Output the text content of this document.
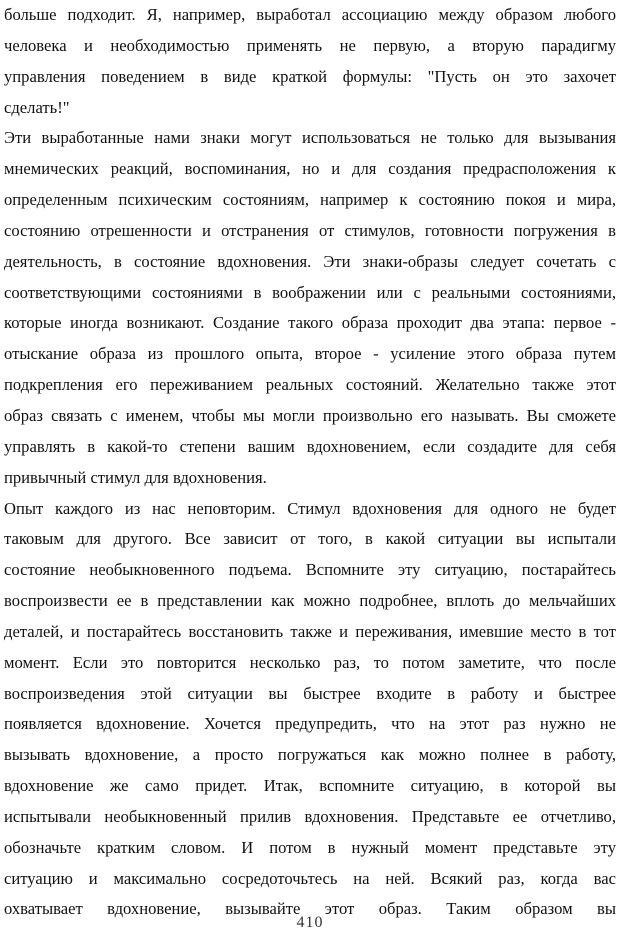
больше подходит. Я, например, выработал ассоциацию между образом любого
человека и необходимостью применять не первую, а вторую парадигму
управления поведением в виде краткой формулы: "Пусть он это захочет
сделать!"
Эти выработанные нами знаки могут использоваться не только для вызывания
мнемических реакций, воспоминания, но и для создания предрасположения к
определенным психическим состояниям, например к состоянию покоя и мира,
состоянию отрешенности и отстранения от стимулов, готовности погружения в
деятельность, в состояние вдохновения. Эти знаки-образы следует сочетать с
соответствующими состояниями в воображении или с реальными состояниями,
которые иногда возникают. Создание такого образа проходит два этапа: первое -
отыскание образа из прошлого опыта, второе - усиление этого образа путем
подкрепления его переживанием реальных состояний. Желательно также этот
образ связать с именем, чтобы мы могли произвольно его называть. Вы сможете
управлять в какой-то степени вашим вдохновением, если создадите для себя
привычный стимул для вдохновения.
Опыт каждого из нас неповторим. Стимул вдохновения для одного не будет
таковым для другого. Все зависит от того, в какой ситуации вы испытали
состояние необыкновенного подъема. Вспомните эту ситуацию, постарайтесь
воспроизвести ее в представлении как можно подробнее, вплоть до мельчайших
деталей, и постарайтесь восстановить также и переживания, имевшие место в тот
момент. Если это повторится несколько раз, то потом заметите, что после
воспроизведения этой ситуации вы быстрее входите в работу и быстрее
появляется вдохновение. Хочется предупредить, что на этот раз нужно не
вызывать вдохновение, а просто погружаться как можно полнее в работу,
вдохновение же само придет. Итак, вспомните ситуацию, в которой вы
испытывали необыкновенный прилив вдохновения. Представьте ее отчетливо,
обозначьте кратким словом. И потом в нужный момент представьте эту
ситуацию и максимально сосредоточьтесь на ней. Всякий раз, когда вас
охватывает вдохновение, вызывайте этот образ. Таким образом вы
410
